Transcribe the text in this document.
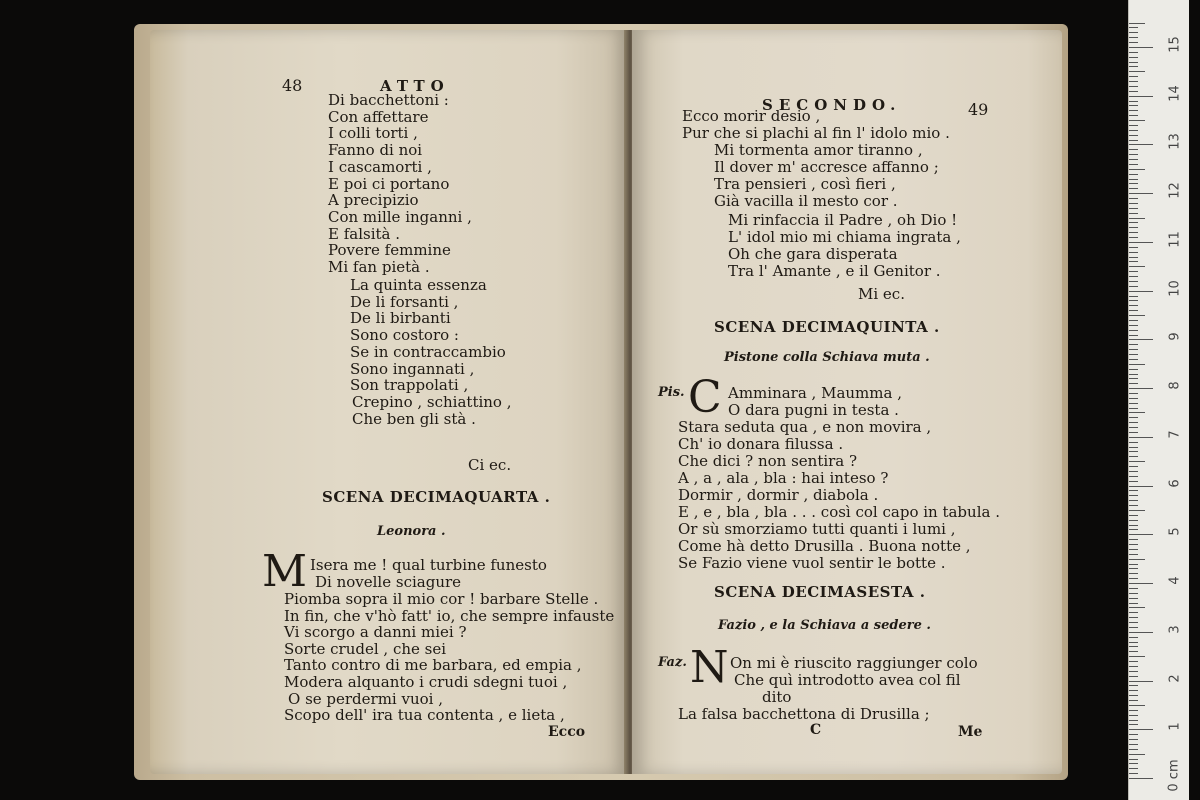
48	ATTO
Di bacchettoni :
Con affettare
I colli torti ,
Fanno di noi
I cascamorti ,
E poi ci portano
A precipizio
Con mille inganni ,
E falsità .
Povere femmine
Mi fan pietà .
La quinta essenza
De li forsanti ,
De li birbanti
Sono costoro :
Se in contraccambio
Sono ingannati ,
Son trappolati ,
Crepino , schiattino ,
Che ben gli stà .
Ci ec.
SCENA DECIMAQUARTA .
Leonora .
M Isera me ! qual turbine funesto
Di novelle sciagure
Piomba sopra il mio cor ! barbare Stelle .
In fin, che v'hò fatt' io, che sempre infauste
Vi scorgo a danni miei ?
Sorte crudel , che sei
Tanto contro di me barbara, ed empia ,
Modera alquanto i crudi sdegni tuoi ,
O se perdermi vuoi ,
Scopo dell' ira tua contenta , e lieta ,
Ecco
SECONDO.	49
Ecco morir desio ,
Pur che si plachi al fin l' idolo mio .
Mi tormenta amor tiranno ,
Il dover m' accresce affanno ;
Tra pensieri , così fieri ,
Già vacilla il mesto cor .
Mi rinfaccia il Padre , oh Dio !
L' idol mio mi chiama ingrata ,
Oh che gara disperata
Tra l' Amante , e il Genitor .
Mi ec.
SCENA DECIMAQUINTA .
Pistone colla Schiava muta .
Pis. C Amminara , Maumma ,
O dara pugni in testa .
Stara seduta qua , e non movira ,
Ch' io donara filussa .
Che dici ? non sentira ?
A , a , ala , bla : hai inteso ?
Dormir , dormir , diabola .
E , e , bla , bla . . . così col capo in tabula .
Or sù smorziamo tutti quanti i lumi ,
Come hà detto Drusilla . Buona notte ,
Se Fazio viene vuol sentir le botte .
SCENA DECIMASESTA .
Fazio , e la Schiava a sedere .
Faz. N On mi è riuscito raggiunger colo
Che quì introdotto avea col fil
dito
La falsa bacchettona di Drusilla ;
C	Me
15
14
13
12
11
10
9
8
7
6
5
4
3
2
1
0 cm
